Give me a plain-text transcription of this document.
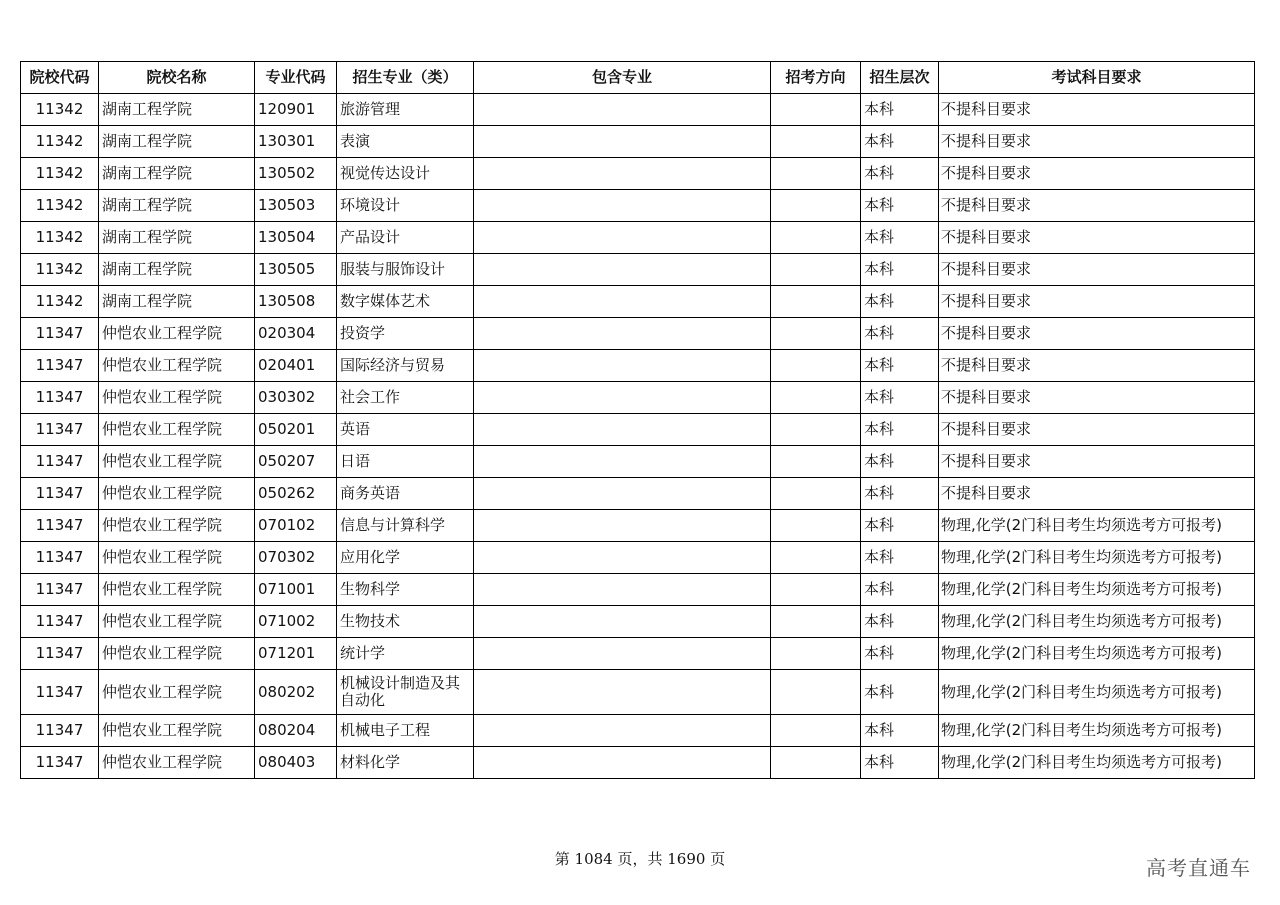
院校代码	院校名称	专业代码	招生专业（类）	包含专业	招考方向	招生层次	考试科目要求
11342	湖南工程学院	120901	旅游管理			本科	不提科目要求
11342	湖南工程学院	130301	表演			本科	不提科目要求
11342	湖南工程学院	130502	视觉传达设计			本科	不提科目要求
11342	湖南工程学院	130503	环境设计			本科	不提科目要求
11342	湖南工程学院	130504	产品设计			本科	不提科目要求
11342	湖南工程学院	130505	服装与服饰设计			本科	不提科目要求
11342	湖南工程学院	130508	数字媒体艺术			本科	不提科目要求
11347	仲恺农业工程学院	020304	投资学			本科	不提科目要求
11347	仲恺农业工程学院	020401	国际经济与贸易			本科	不提科目要求
11347	仲恺农业工程学院	030302	社会工作			本科	不提科目要求
11347	仲恺农业工程学院	050201	英语			本科	不提科目要求
11347	仲恺农业工程学院	050207	日语			本科	不提科目要求
11347	仲恺农业工程学院	050262	商务英语			本科	不提科目要求
11347	仲恺农业工程学院	070102	信息与计算科学			本科	物理,化学(2门科目考生均须选考方可报考)
11347	仲恺农业工程学院	070302	应用化学			本科	物理,化学(2门科目考生均须选考方可报考)
11347	仲恺农业工程学院	071001	生物科学			本科	物理,化学(2门科目考生均须选考方可报考)
11347	仲恺农业工程学院	071002	生物技术			本科	物理,化学(2门科目考生均须选考方可报考)
11347	仲恺农业工程学院	071201	统计学			本科	物理,化学(2门科目考生均须选考方可报考)
11347	仲恺农业工程学院	080202	机械设计制造及其自动化			本科	物理,化学(2门科目考生均须选考方可报考)
11347	仲恺农业工程学院	080204	机械电子工程			本科	物理,化学(2门科目考生均须选考方可报考)
11347	仲恺农业工程学院	080403	材料化学			本科	物理,化学(2门科目考生均须选考方可报考)
第 1084 页，共 1690 页	高考直通车
